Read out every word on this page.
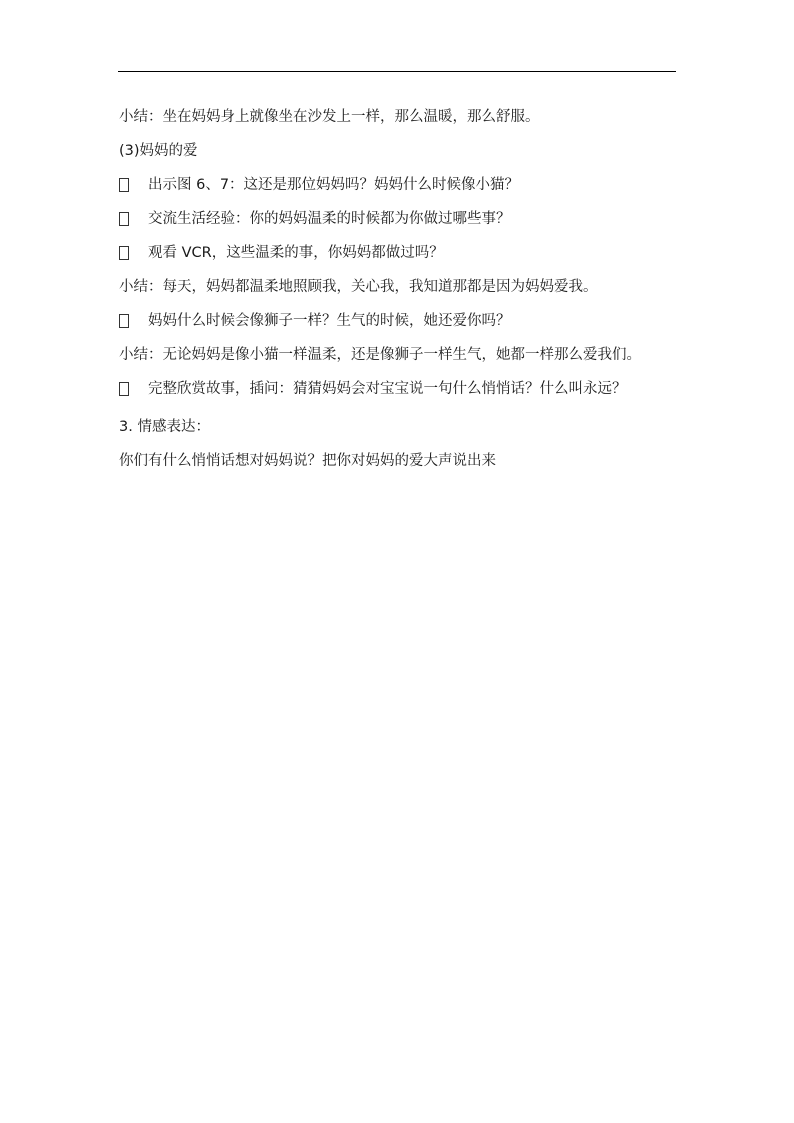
小结：坐在妈妈身上就像坐在沙发上一样，那么温暖，那么舒服。
(3)妈妈的爱
出示图 6、7：这还是那位妈妈吗？妈妈什么时候像小猫？
交流生活经验：你的妈妈温柔的时候都为你做过哪些事？
观看 VCR，这些温柔的事，你妈妈都做过吗？
小结：每天，妈妈都温柔地照顾我，关心我，我知道那都是因为妈妈爱我。
妈妈什么时候会像狮子一样？生气的时候，她还爱你吗？
小结：无论妈妈是像小猫一样温柔，还是像狮子一样生气，她都一样那么爱我们。
完整欣赏故事，插问：猜猜妈妈会对宝宝说一句什么悄悄话？什么叫永远？
3. 情感表达：
你们有什么悄悄话想对妈妈说？把你对妈妈的爱大声说出来
